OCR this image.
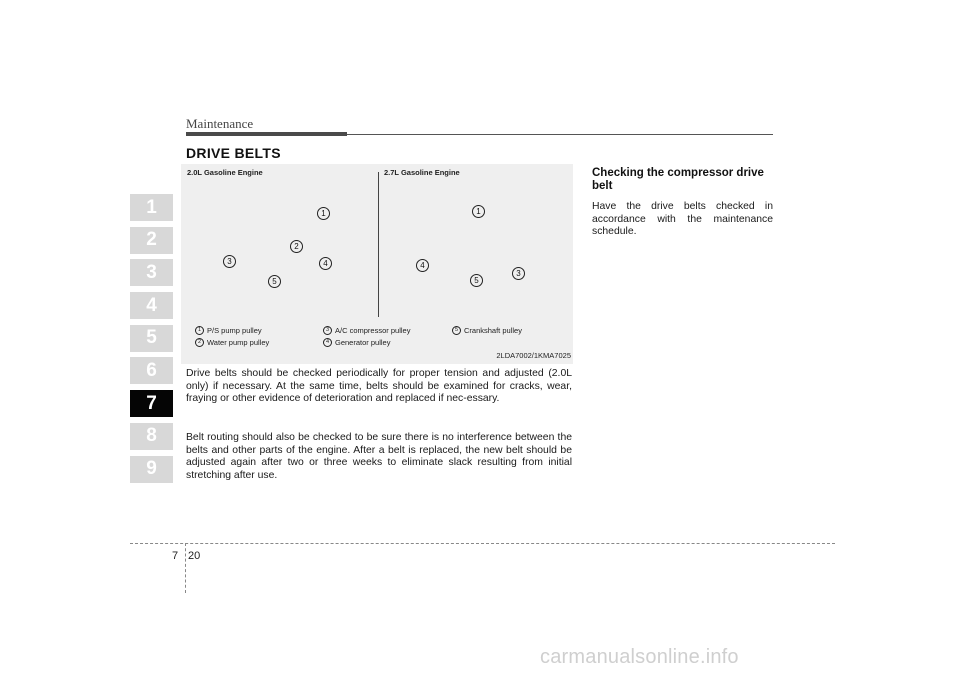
Maintenance
DRIVE BELTS
1
2
3
4
5
6
7
8
9
2.0L Gasoline Engine	2.7L Gasoline Engine
1
2
3	4
5
1
3
4
5
1 P/S pump pulley
2 Water pump pulley
3 A/C compressor pulley
4 Generator pulley
5 Crankshaft pulley
2LDA7002/1KMA7025

Drive belts should be checked periodically for proper tension and adjusted (2.0L only) if necessary. At the same time, belts should be examined for cracks, wear, fraying or other evidence of deterioration and replaced if nec-essary.

Belt routing should also be checked to be sure there is no interference between the belts and other parts of the engine. After a belt is replaced, the new belt should be adjusted again after two or three weeks to eliminate slack resulting from initial stretching after use.

Checking the compressor drive belt

Have the drive belts checked in accordance with the maintenance schedule.

7 20
carmanualsonline.info
